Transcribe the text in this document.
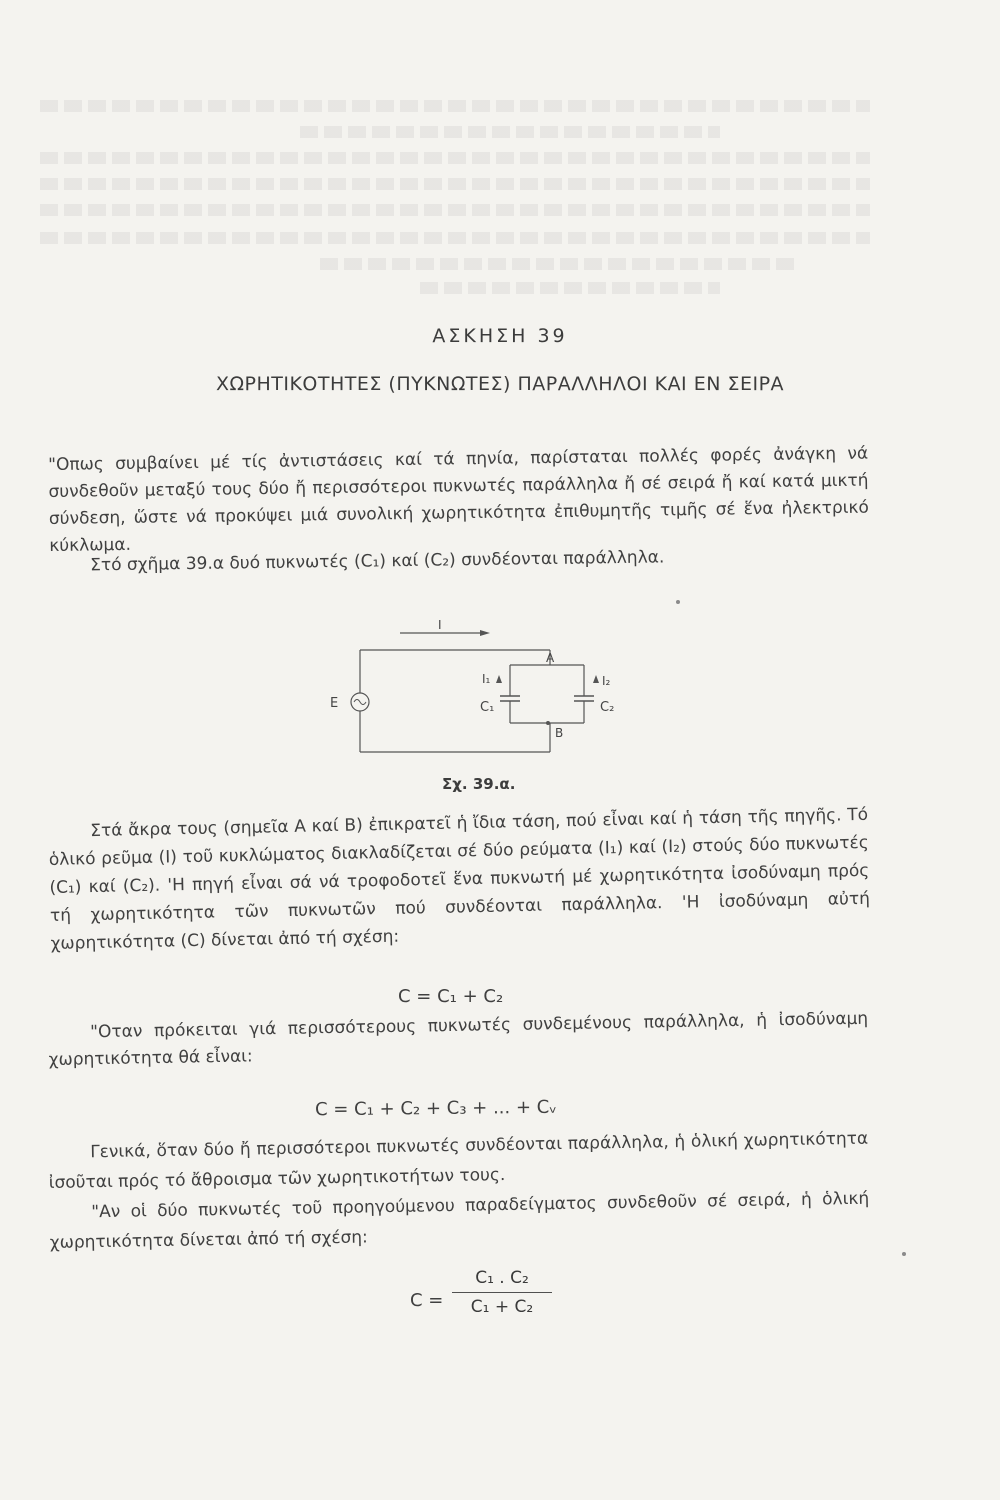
ΑΣΚΗΣΗ 39
ΧΩΡΗΤΙΚΟΤΗΤΕΣ (ΠΥΚΝΩΤΕΣ) ΠΑΡΑΛΛΗΛΟΙ ΚΑΙ ΕΝ ΣΕΙΡΑ
"Οπως συμβαίνει μέ τίς ἀντιστάσεις καί τά πηνία, παρίσταται πολλές φορές ἀνάγκη νά συνδεθοῦν μεταξύ τους δύο ἤ περισσότεροι πυκνωτές παράλληλα ἤ σέ σειρά ἤ καί κατά μικτή σύνδεση, ὥστε νά προκύψει μιά συνολική χωρητικότητα ἐπιθυμητῆς τιμῆς σέ ἕνα ἠλεκτρικό κύκλωμα.
Στό σχῆμα 39.α δυό πυκνωτές (C₁) καί (C₂) συνδέονται παράλληλα.
I
E
A
I₁
C₁
I₂
C₂
B
Σχ. 39.α.
Στά ἄκρα τους (σημεῖα Α καί Β) ἐπικρατεῖ ἡ ἴδια τάση, πού εἶναι καί ἡ τάση τῆς πηγῆς. Τό ὁλικό ρεῦμα (Ι) τοῦ κυκλώματος διακλαδίζεται σέ δύο ρεύματα (Ι₁) καί (Ι₂) στούς δύο πυκνωτές (C₁) καί (C₂). 'Η πηγή εἶναι σά νά τροφοδοτεῖ ἕνα πυκνωτή μέ χωρητικότητα ἰσοδύναμη πρός τή χωρητικότητα τῶν πυκνωτῶν πού συνδέονται παράλληλα. 'Η ἰσοδύναμη αὐτή χωρητικότητα (C) δίνεται ἀπό τή σχέση:
C = C₁ + C₂
"Οταν πρόκειται γιά περισσότερους πυκνωτές συνδεμένους παράλληλα, ἡ ἰσοδύναμη χωρητικότητα θά εἶναι:
C = C₁ + C₂ + C₃ + ... + Cᵥ
Γενικά, ὅταν δύο ἤ περισσότεροι πυκνωτές συνδέονται παράλληλα, ἡ ὁλική χωρητικότητα ἰσοῦται πρός τό ἄθροισμα τῶν χωρητικοτήτων τους.
"Αν οἱ δύο πυκνωτές τοῦ προηγούμενου παραδείγματος συνδεθοῦν σέ σειρά, ἡ ὁλική χωρητικότητα δίνεται ἀπό τή σχέση:
$C = \frac{\text{C₁ . C₂}}{\text{C₁ + C₂}}$
